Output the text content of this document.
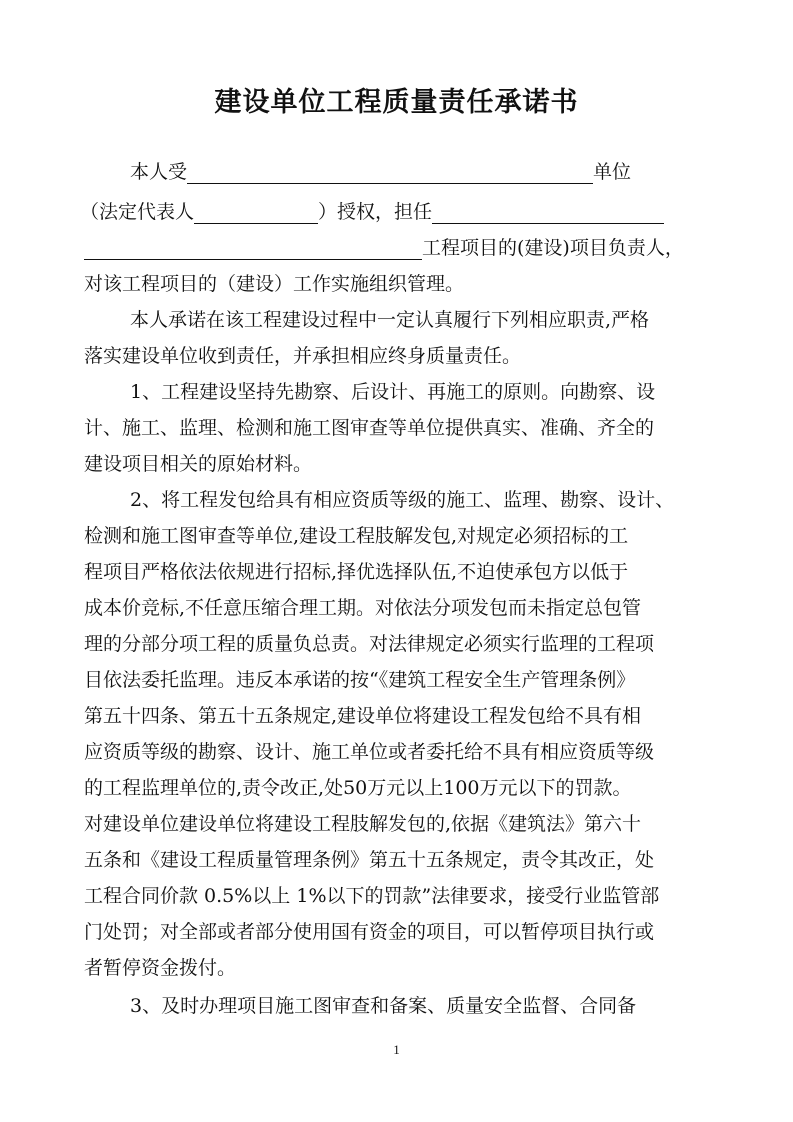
建设单位工程质量责任承诺书
本人受	单位
（法定代表人	）授权，担任
工程项目的(建设)项目负责人，
对该工程项目的（建设）工作实施组织管理。
本人承诺在该工程建设过程中一定认真履行下列相应职责,严格
落实建设单位收到责任，并承担相应终身质量责任。
1、工程建设坚持先勘察、后设计、再施工的原则。向勘察、设
计、施工、监理、检测和施工图审查等单位提供真实、准确、齐全的
建设项目相关的原始材料。
2、将工程发包给具有相应资质等级的施工、监理、勘察、设计、
检测和施工图审查等单位,建设工程肢解发包,对规定必须招标的工
程项目严格依法依规进行招标,择优选择队伍,不迫使承包方以低于
成本价竞标,不任意压缩合理工期。对依法分项发包而未指定总包管
理的分部分项工程的质量负总责。对法律规定必须实行监理的工程项
目依法委托监理。违反本承诺的按“《建筑工程安全生产管理条例》
第五十四条、第五十五条规定,建设单位将建设工程发包给不具有相
应资质等级的勘察、设计、施工单位或者委托给不具有相应资质等级
的工程监理单位的,责令改正,处50万元以上100万元以下的罚款。
对建设单位建设单位将建设工程肢解发包的,依据《建筑法》第六十
五条和《建设工程质量管理条例》第五十五条规定，责令其改正，处
工程合同价款 0.5%以上 1%以下的罚款”法律要求，接受行业监管部
门处罚；对全部或者部分使用国有资金的项目，可以暂停项目执行或
者暂停资金拨付。
3、及时办理项目施工图审查和备案、质量安全监督、合同备
1
